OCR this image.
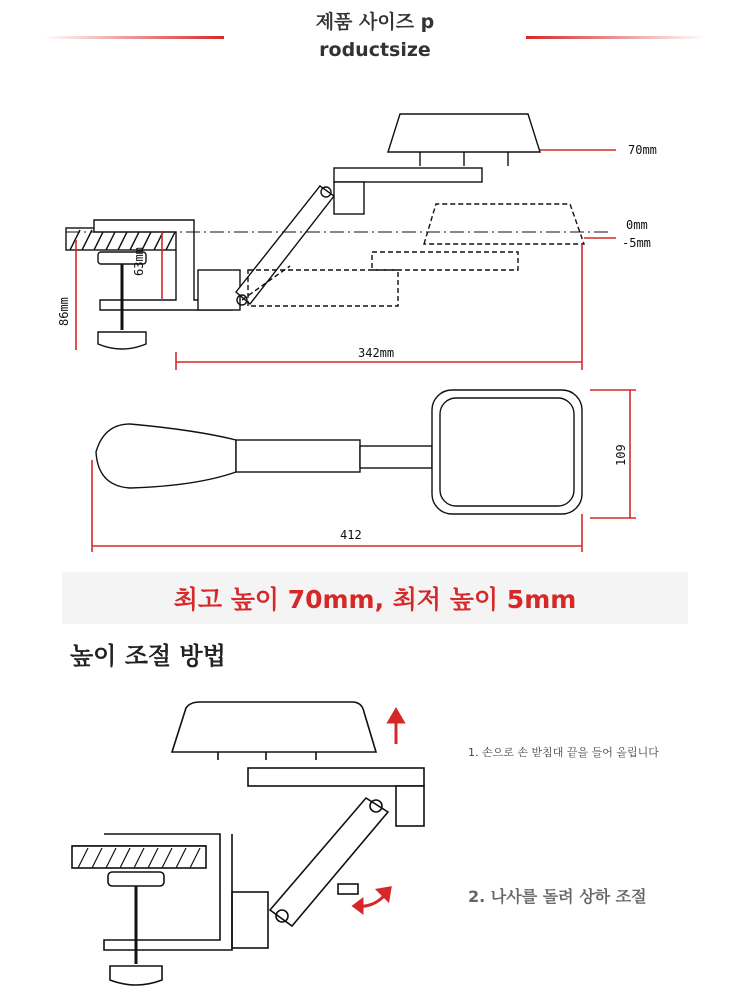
제품 사이즈 p
roductsize
70mm
0mm
-5mm
63mm
86mm
342mm
412
109
최고 높이 70mm, 최저 높이 5mm
높이 조절 방법
1. 손으로 손 받침대 끝을 들어 올립니다
2. 나사를 돌려 상하 조절
